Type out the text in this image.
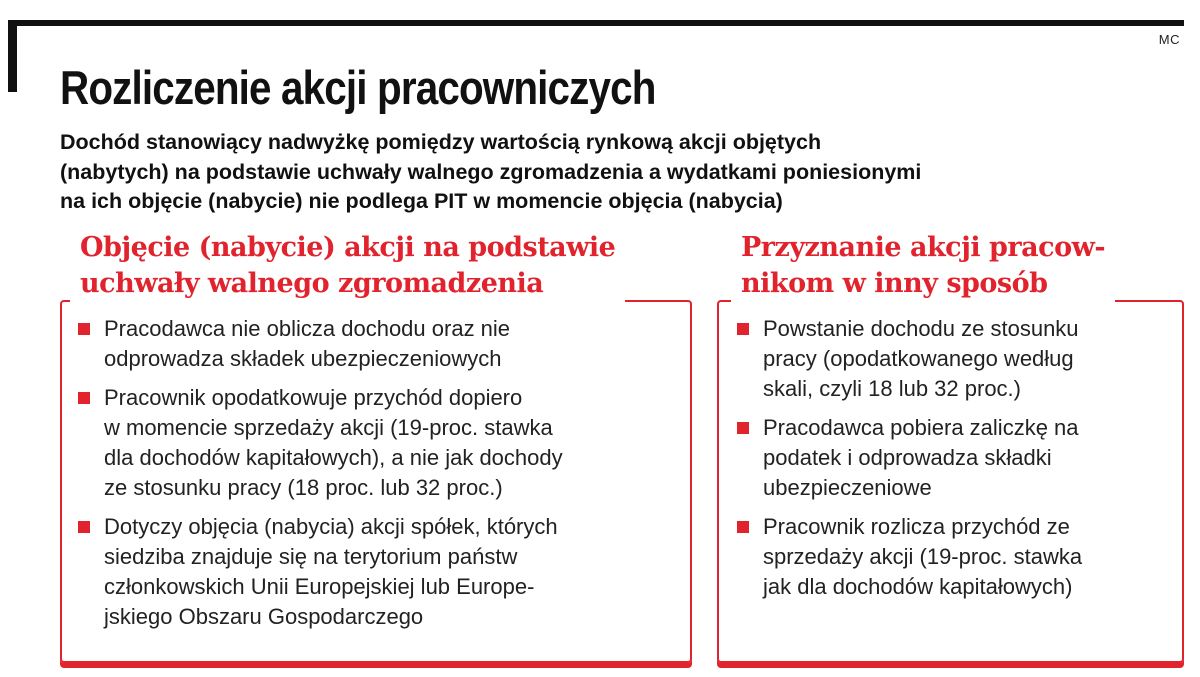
MC
Rozliczenie akcji pracowniczych

Dochód stanowiący nadwyżkę pomiędzy wartością rynkową akcji objętych
(nabytych) na podstawie uchwały walnego zgromadzenia a wydatkami poniesionymi
na ich objęcie (nabycie) nie podlega PIT w momencie objęcia (nabycia)

Objęcie (nabycie) akcji na podstawie
uchwały walnego zgromadzenia
Pracodawca nie oblicza dochodu oraz nie
odprowadza składek ubezpieczeniowych
Pracownik opodatkowuje przychód dopiero
w momencie sprzedaży akcji (19-proc. stawka
dla dochodów kapitałowych), a nie jak dochody
ze stosunku pracy (18 proc. lub 32 proc.)
Dotyczy objęcia (nabycia) akcji spółek, których
siedziba znajduje się na terytorium państw
członkowskich Unii Europejskiej lub Europe-
jskiego Obszaru Gospodarczego
Przyznanie akcji pracow-
nikom w inny sposób
Powstanie dochodu ze stosunku
pracy (opodatkowanego według
skali, czyli 18 lub 32 proc.)
Pracodawca pobiera zaliczkę na
podatek i odprowadza składki
ubezpieczeniowe
Pracownik rozlicza przychód ze
sprzedaży akcji (19-proc. stawka
jak dla dochodów kapitałowych)
